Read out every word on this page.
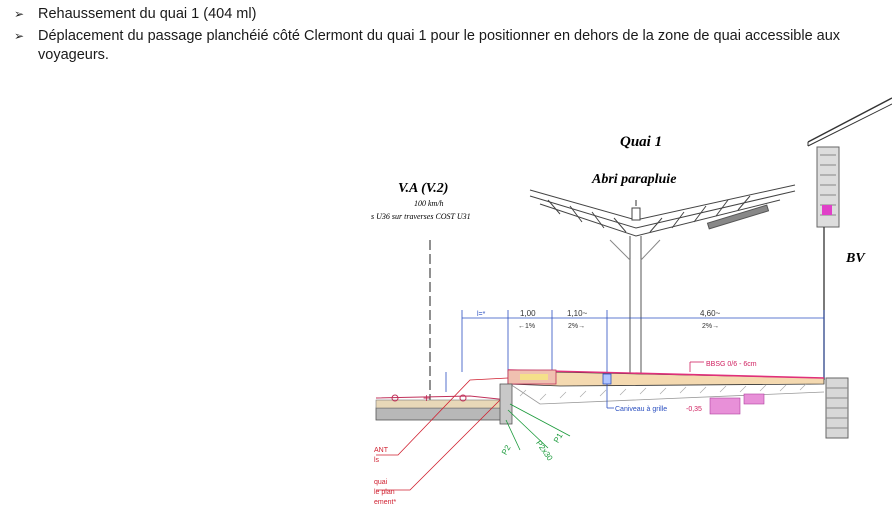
➢ Rehaussement du quai 1 (404 ml)
➢ Déplacement du passage planchéié côté Clermont du quai 1 pour le positionner en dehors de la zone de quai accessible aux voyageurs.
Quai 1
Abri parapluie
V.A (V.2)
100 km/h
s U36 sur traverses COST U31
BV
l=*	1,00
←1%
1,10~
2%→
4,60~
2%→
BBSG 0/6 - 6cm
Caniveau à grille	-0,35
+
P1
P2x30
P2
ANT
ls
quai
le plan
ement*
